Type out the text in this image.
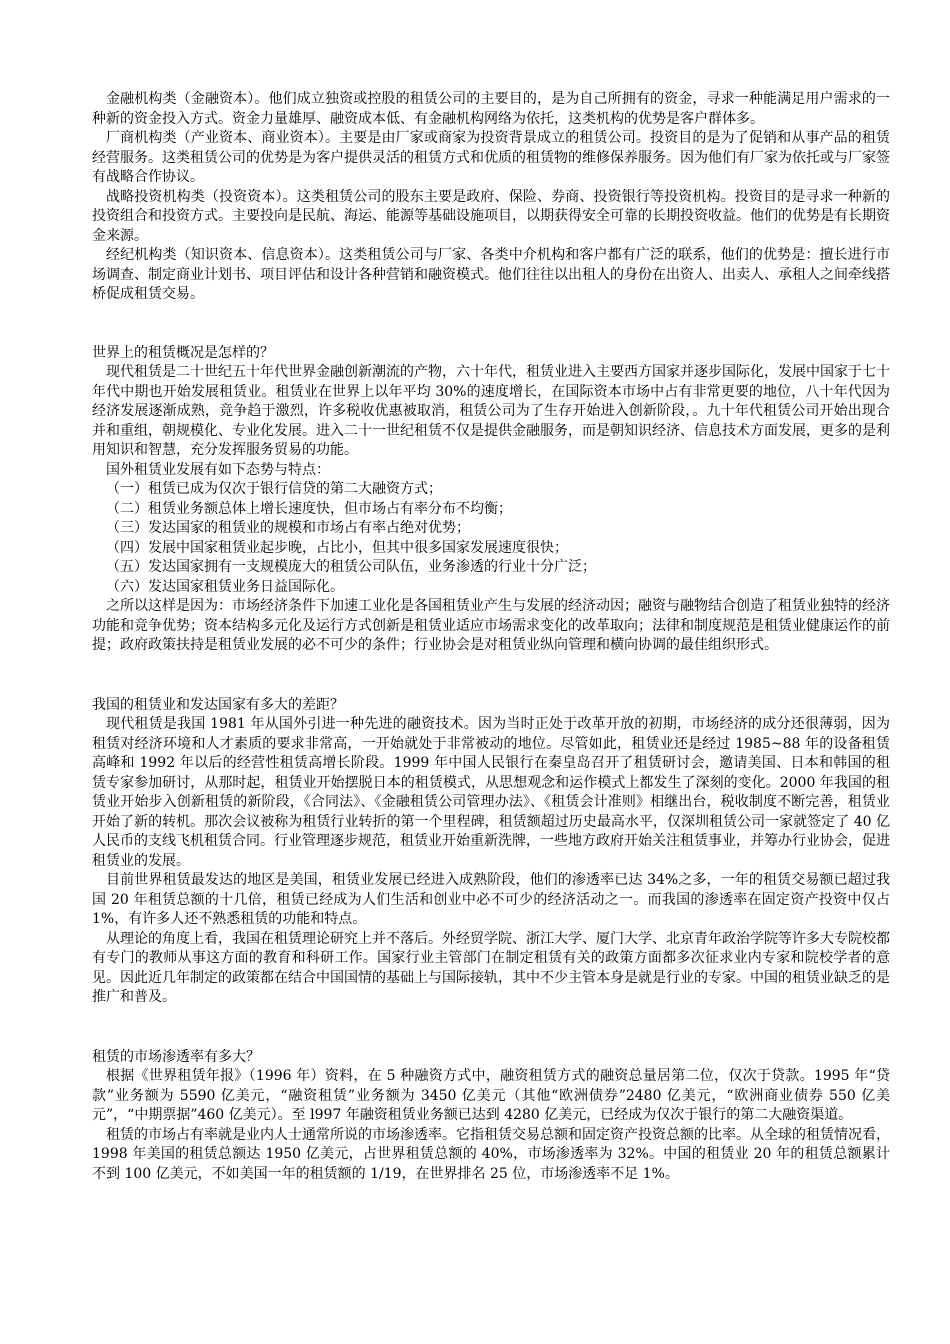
金融机构类（金融资本）。他们成立独资或控股的租赁公司的主要目的，是为自己所拥有的资金，寻求一种能满足用户需求的一种新的资金投入方式。资金力量雄厚、融资成本低、有金融机构网络为依托，这类机构的优势是客户群体多。

厂商机构类（产业资本、商业资本）。主要是由厂家或商家为投资背景成立的租赁公司。投资目的是为了促销和从事产品的租赁经营服务。这类租赁公司的优势是为客户提供灵活的租赁方式和优质的租赁物的维修保养服务。因为他们有厂家为依托或与厂家签有战略合作协议。

战略投资机构类（投资资本）。这类租赁公司的股东主要是政府、保险、券商、投资银行等投资机构。投资目的是寻求一种新的投资组合和投资方式。主要投向是民航、海运、能源等基础设施项目，以期获得安全可靠的长期投资收益。他们的优势是有长期资金来源。

经纪机构类（知识资本、信息资本）。这类租赁公司与厂家、各类中介机构和客户都有广泛的联系，他们的优势是：擅长进行市场调查、制定商业计划书、项目评估和设计各种营销和融资模式。他们往往以出租人的身份在出资人、出卖人、承租人之间牵线搭桥促成租赁交易。

世界上的租赁概况是怎样的？

现代租赁是二十世纪五十年代世界金融创新潮流的产物，六十年代，租赁业进入主要西方国家并逐步国际化，发展中国家于七十年代中期也开始发展租赁业。租赁业在世界上以年平均 30%的速度增长，在国际资本市场中占有非常更要的地位，八十年代因为经济发展逐渐成熟，竞争趋于激烈，许多税收优惠被取消，租赁公司为了生存开始进入创新阶段，。九十年代租赁公司开始出现合并和重组，朝规模化、专业化发展。进入二十一世纪租赁不仅是提供金融服务，而是朝知识经济、信息技术方面发展，更多的是利用知识和智慧，充分发挥服务贸易的功能。

国外租赁业发展有如下态势与特点：

（一）租赁已成为仅次于银行信贷的第二大融资方式；

（二）租赁业务额总体上增长速度快，但市场占有率分布不均衡；

（三）发达国家的租赁业的规模和市场占有率占绝对优势；

（四）发展中国家租赁业起步晚，占比小，但其中很多国家发展速度很快；

（五）发达国家拥有一支规模庞大的租赁公司队伍，业务渗透的行业十分广泛；

（六）发达国家租赁业务日益国际化。

之所以这样是因为：市场经济条件下加速工业化是各国租赁业产生与发展的经济动因；融资与融物结合创造了租赁业独特的经济功能和竞争优势；资本结构多元化及运行方式创新是租赁业适应市场需求变化的改革取向；法律和制度规范是租赁业健康运作的前提；政府政策扶持是租赁业发展的必不可少的条件；行业协会是对租赁业纵向管理和横向协调的最佳组织形式。

我国的租赁业和发达国家有多大的差距？

现代租赁是我国 1981 年从国外引进一种先进的融资技术。因为当时正处于改革开放的初期，市场经济的成分还很薄弱，因为租赁对经济环境和人才素质的要求非常高，一开始就处于非常被动的地位。尽管如此，租赁业还是经过 1985~88 年的设备租赁高峰和 1992 年以后的经营性租赁高增长阶段。1999 年中国人民银行在秦皇岛召开了租赁研讨会，邀请美国、日本和韩国的租赁专家参加研讨，从那时起，租赁业开始摆脱日本的租赁模式，从思想观念和运作模式上都发生了深刻的变化。2000 年我国的租赁业开始步入创新租赁的新阶段，《合同法》、《金融租赁公司管理办法》、《租赁会计准则》相继出台，税收制度不断完善，租赁业开始了新的转机。那次会议被称为租赁行业转折的第一个里程碑，租赁额超过历史最高水平，仅深圳租赁公司一家就签定了 40 亿人民币的支线飞机租赁合同。行业管理逐步规范，租赁业开始重新洗牌，一些地方政府开始关注租赁事业，并筹办行业协会，促进租赁业的发展。

目前世界租赁最发达的地区是美国，租赁业发展已经进入成熟阶段，他们的渗透率已达 34%之多，一年的租赁交易额已超过我国 20 年租赁总额的十几倍，租赁已经成为人们生活和创业中必不可少的经济活动之一。而我国的渗透率在固定资产投资中仅占 1%，有许多人还不熟悉租赁的功能和特点。

从理论的角度上看，我国在租赁理论研究上并不落后。外经贸学院、浙江大学、厦门大学、北京青年政治学院等许多大专院校都有专门的教师从事这方面的教育和科研工作。国家行业主管部门在制定租赁有关的政策方面都多次征求业内专家和院校学者的意见。因此近几年制定的政策都在结合中国国情的基础上与国际接轨，其中不少主管本身是就是行业的专家。中国的租赁业缺乏的是推广和普及。

租赁的市场渗透率有多大？

根据《世界租赁年报》（1996 年）资料，在 5 种融资方式中，融资租赁方式的融资总量居第二位，仅次于贷款。1995 年“贷款”业务额为 5590 亿美元，“融资租赁”业务额为 3450 亿美元（其他“欧洲债券”2480 亿美元，“欧洲商业债券 550 亿美元”，“中期票据”460 亿美元）。至 l997 年融资租赁业务额已达到 4280 亿美元，已经成为仅次于银行的第二大融资渠道。

租赁的市场占有率就是业内人士通常所说的市场渗透率。它指租赁交易总额和固定资产投资总额的比率。从全球的租赁情况看，1998 年美国的租赁总额达 1950 亿美元，占世界租赁总额的 40%，市场渗透率为 32%。中国的租赁业 20 年的租赁总额累计不到 100 亿美元，不如美国一年的租赁额的 1/19，在世界排名 25 位，市场渗透率不足 1%。
